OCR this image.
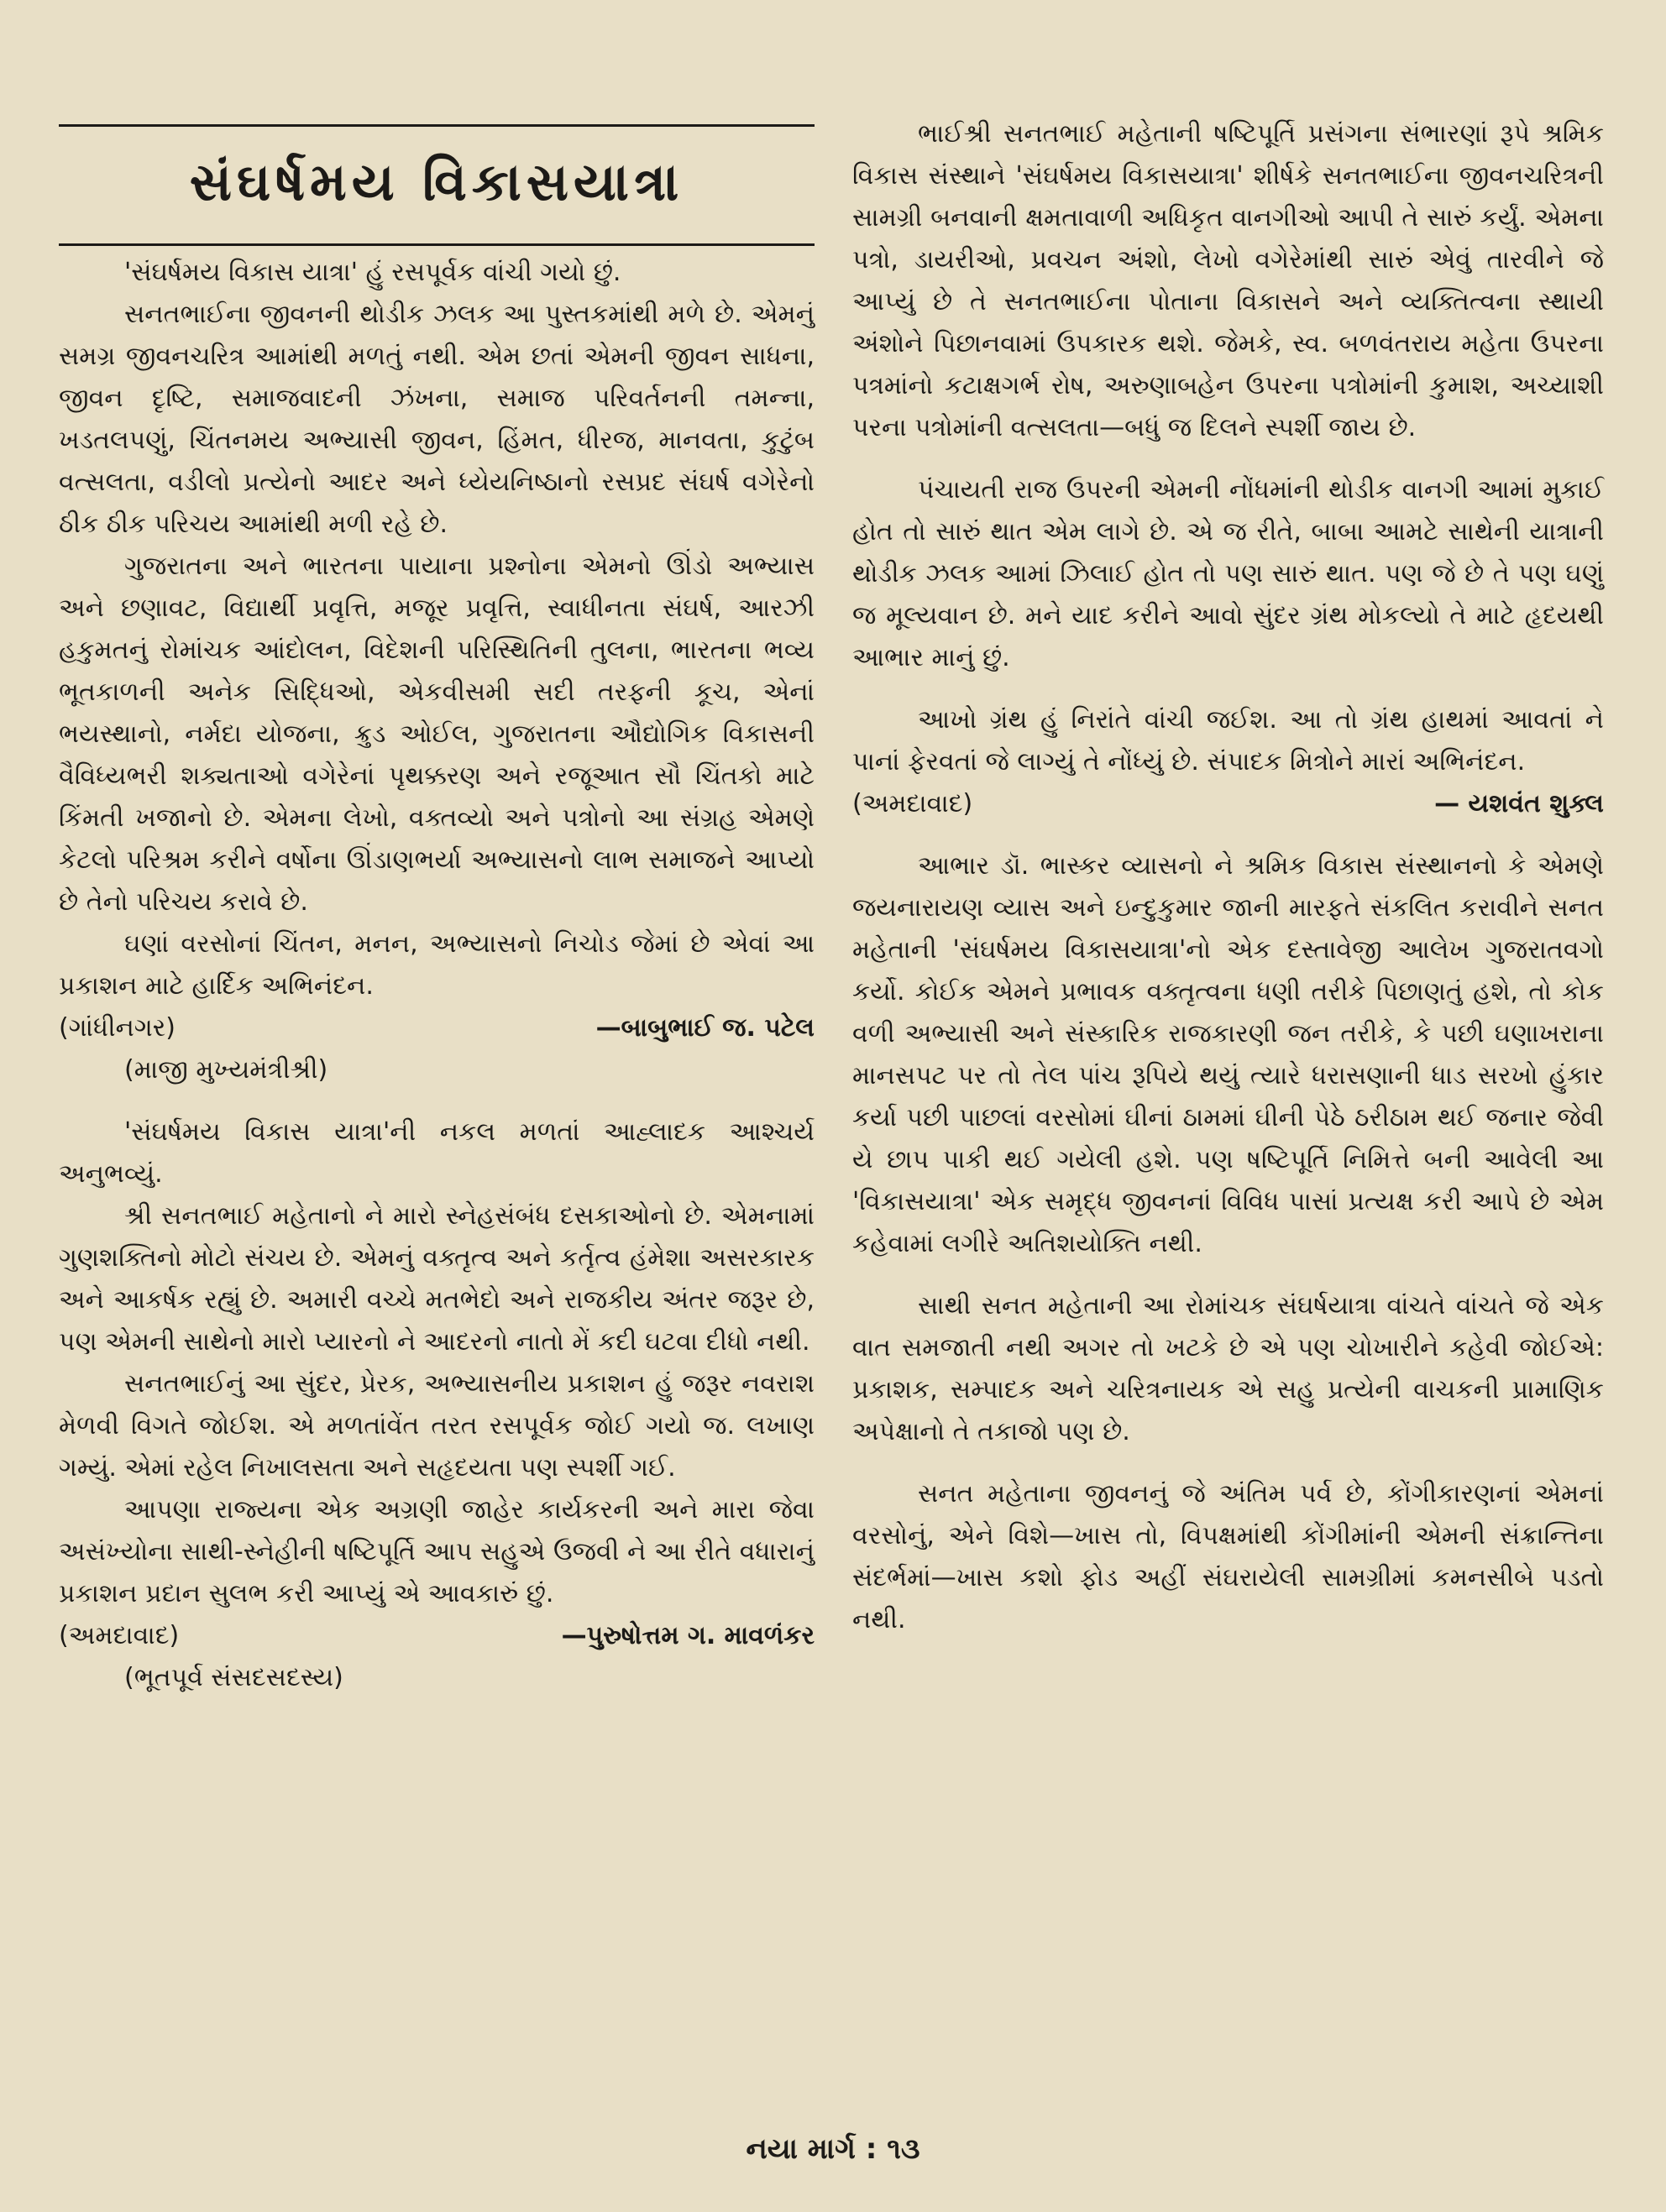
સંઘર્ષમય વિકાસયાત્રા

'સંઘર્ષમય વિકાસ યાત્રા' હું રસપૂર્વક વાંચી ગયો છું.

સનતભાઈના જીવનની થોડીક ઝલક આ પુસ્તકમાંથી મળે છે. એમનું સમગ્ર જીવનચરિત્ર આમાંથી મળતું નથી. એમ છતાં એમની જીવન સાધના, જીવન દૃષ્ટિ, સમાજવાદની ઝંખના, સમાજ પરિવર્તનની તમન્ના, ખડતલપણું, ચિંતનમય અભ્યાસી જીવન, હિંમત, ધીરજ, માનવતા, કુટુંબ વત્સલતા, વડીલો પ્રત્યેનો આદર અને ધ્યેયનિષ્ઠાનો રસપ્રદ સંઘર્ષ વગેરેનો ઠીક ઠીક પરિચય આમાંથી મળી રહે છે.

ગુજરાતના અને ભારતના પાયાના પ્રશ્નોના એમનો ઊંડો અભ્યાસ અને છણાવટ, વિદ્યાર્થી પ્રવૃત્તિ, મજૂર પ્રવૃત્તિ, સ્વાધીનતા સંઘર્ષ, આરઝી હકુમતનું રોમાંચક આંદોલન, વિદેશની પરિસ્થિતિની તુલના, ભારતના ભવ્ય ભૂતકાળની અનેક સિદ્ધિઓ, એકવીસમી સદી તરફની કૂચ, એનાં ભયસ્થાનો, નર્મદા યોજના, ક્રુડ ઓઈલ, ગુજરાતના ઔદ્યોગિક વિકાસની વૈવિધ્યભરી શક્યતાઓ વગેરેનાં પૃથક્કરણ અને રજૂઆત સૌ ચિંતકો માટે કિંમતી ખજાનો છે. એમના લેખો, વક્તવ્યો અને પત્રોનો આ સંગ્રહ એમણે કેટલો પરિશ્રમ કરીને વર્ષોના ઊંડાણભર્યા અભ્યાસનો લાભ સમાજને આપ્યો છે તેનો પરિચય કરાવે છે.

ઘણાં વરસોનાં ચિંતન, મનન, અભ્યાસનો નિચોડ જેમાં છે એવાં આ પ્રકાશન માટે હાર્દિક અભિનંદન.

(ગાંધીનગર)	—બાબુભાઈ જ. પટેલ

(માજી મુખ્યમંત્રીશ્રી)

'સંઘર્ષમય વિકાસ યાત્રા'ની નકલ મળતાં આહ્લાદક આશ્ચર્ય અનુભવ્યું.

શ્રી સનતભાઈ મહેતાનો ને મારો સ્નેહસંબંધ દસકાઓનો છે. એમનામાં ગુણશક્તિનો મોટો સંચય છે. એમનું વક્તૃત્વ અને કર્તૃત્વ હંમેશા અસરકારક અને આકર્ષક રહ્યું છે. અમારી વચ્ચે મતભેદો અને રાજકીય અંતર જરૂર છે, પણ એમની સાથેનો મારો પ્યારનો ને આદરનો નાતો મેં કદી ઘટવા દીધો નથી.

સનતભાઈનું આ સુંદર, પ્રેરક, અભ્યાસનીય પ્રકાશન હું જરૂર નવરાશ મેળવી વિગતે જોઈશ. એ મળતાંવેંત તરત રસપૂર્વક જોઈ ગયો જ. લખાણ ગમ્યું. એમાં રહેલ નિખાલસતા અને સહૃદયતા પણ સ્પર્શી ગઈ.

આપણા રાજ્યના એક અગ્રણી જાહેર કાર્યકરની અને મારા જેવા અસંખ્યોના સાથી-સ્નેહીની ષષ્ટિપૂર્તિ આપ સહુએ ઉજવી ને આ રીતે વધારાનું પ્રકાશન પ્રદાન સુલભ કરી આપ્યું એ આવકારું છું.

(અમદાવાદ)	—પુરુષોત્તમ ગ. માવળંકર

(ભૂતપૂર્વ સંસદસદસ્ય)

ભાઈશ્રી સનતભાઈ મહેતાની ષષ્ટિપૂર્તિ પ્રસંગના સંભારણાં રૂપે શ્રમિક વિકાસ સંસ્થાને 'સંઘર્ષમય વિકાસયાત્રા' શીર્ષકે સનતભાઈના જીવનચરિત્રની સામગ્રી બનવાની ક્ષમતાવાળી અધિકૃત વાનગીઓ આપી તે સારું કર્યું. એમના પત્રો, ડાયરીઓ, પ્રવચન અંશો, લેખો વગેરેમાંથી સારું એવું તારવીને જે આપ્યું છે તે સનતભાઈના પોતાના વિકાસને અને વ્યક્તિત્વના સ્થાયી અંશોને પિછાનવામાં ઉપકારક થશે. જેમકે, સ્વ. બળવંતરાય મહેતા ઉપરના પત્રમાંનો કટાક્ષગર્ભ રોષ, અરુણાબહેન ઉપરના પત્રોમાંની કુમાશ, અચ્યાશી પરના પત્રોમાંની વત્સલતા—બધું જ દિલને સ્પર્શી જાય છે.

પંચાયતી રાજ ઉપરની એમની નોંધમાંની થોડીક વાનગી આમાં મુકાઈ હોત તો સારું થાત એમ લાગે છે. એ જ રીતે, બાબા આમટે સાથેની યાત્રાની થોડીક ઝલક આમાં ઝિલાઈ હોત તો પણ સારું થાત. પણ જે છે તે પણ ઘણું જ મૂલ્યવાન છે. મને યાદ કરીને આવો સુંદર ગ્રંથ મોકલ્યો તે માટે હૃદયથી આભાર માનું છું.

આખો ગ્રંથ હું નિરાંતે વાંચી જઈશ. આ તો ગ્રંથ હાથમાં આવતાં ને પાનાં ફેરવતાં જે લાગ્યું તે નોંધ્યું છે. સંપાદક મિત્રોને મારાં અભિનંદન.

(અમદાવાદ)	— યશવંત શુક્લ

આભાર ડૉ. ભાસ્કર વ્યાસનો ને શ્રમિક વિકાસ સંસ્થાનનો કે એમણે જયનારાયણ વ્યાસ અને ઇન્દુકુમાર જાની મારફતે સંકલિત કરાવીને સનત મહેતાની 'સંઘર્ષમય વિકાસયાત્રા'નો એક દસ્તાવેજી આલેખ ગુજરાતવગો કર્યો. કોઈક એમને પ્રભાવક વક્તૃત્વના ધણી તરીકે પિછાણતું હશે, તો કોક વળી અભ્યાસી અને સંસ્કારિક રાજકારણી જન તરીકે, કે પછી ઘણાખરાના માનસપટ પર તો તેલ પાંચ રૂપિયે થયું ત્યારે ધરાસણાની ધાડ સરખો હુંકાર કર્યા પછી પાછલાં વરસોમાં ઘીનાં ઠામમાં ઘીની પેઠે ઠરીઠામ થઈ જનાર જેવી યે છાપ પાકી થઈ ગયેલી હશે. પણ ષષ્ટિપૂર્તિ નિમિત્તે બની આવેલી આ 'વિકાસયાત્રા' એક સમૃદ્ધ જીવનનાં વિવિધ પાસાં પ્રત્યક્ષ કરી આપે છે એમ કહેવામાં લગીરે અતિશયોક્તિ નથી.

સાથી સનત મહેતાની આ રોમાંચક સંઘર્ષયાત્રા વાંચતે વાંચતે જે એક વાત સમજાતી નથી અગર તો ખટકે છે એ પણ ચોખારીને કહેવી જોઈએ: પ્રકાશક, સમ્પાદક અને ચરિત્રનાયક એ સહુ પ્રત્યેની વાચકની પ્રામાણિક અપેક્ષાનો તે તકાજો પણ છે.

સનત મહેતાના જીવનનું જે અંતિમ પર્વ છે, કોંગીકારણનાં એમનાં વરસોનું, એને વિશે—ખાસ તો, વિપક્ષમાંથી કોંગીમાંની એમની સંક્રાન્તિના સંદર્ભમાં—ખાસ કશો ફોડ અહીં સંઘરાયેલી સામગ્રીમાં કમનસીબે પડતો નથી.

નયા માર્ગ : ૧૩
